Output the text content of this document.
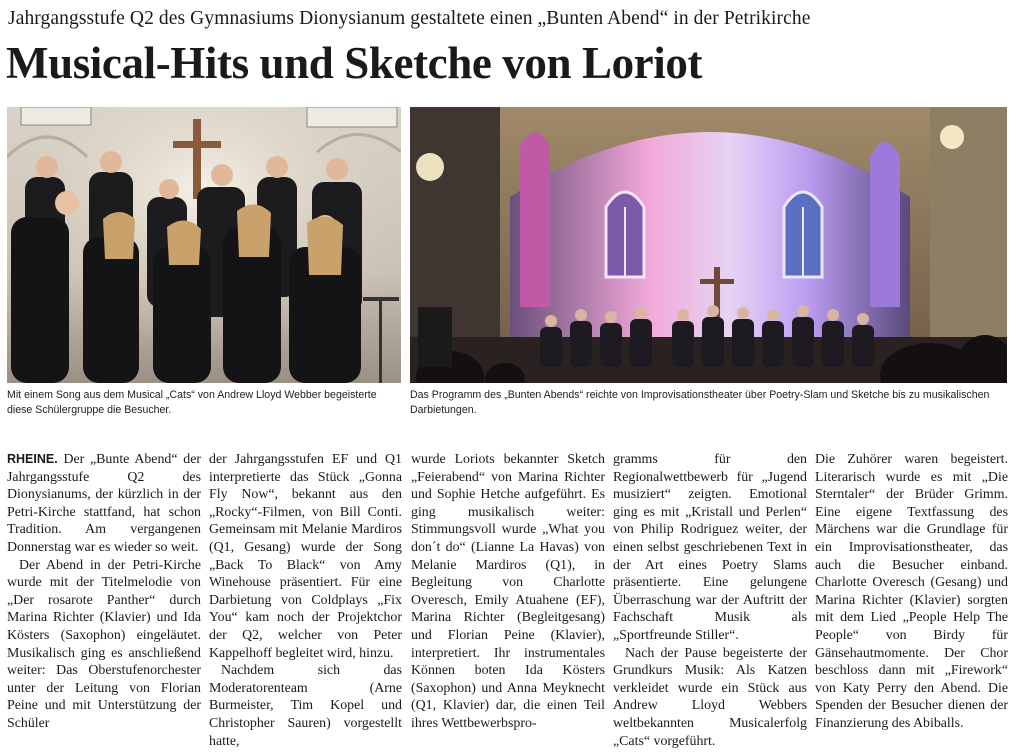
Jahrgangsstufe Q2 des Gymnasiums Dionysianum gestaltete einen „Bunten Abend“ in der Petrikirche
Musical-Hits und Sketche von Loriot
Mit einem Song aus dem Musical „Cats“ von Andrew Lloyd Webber begeisterte diese Schülergruppe die Besucher.
Das Programm des „Bunten Abends“ reichte von Improvisationstheater über Poetry-Slam und Sketche bis zu musikalischen Darbietungen.

RHEINE. Der „Bunte Abend“ der Jahrgangsstufe Q2 des Dionysianums, der kürzlich in der Petri-Kirche stattfand, hat schon Tradition. Am vergangenen Donnerstag war es wieder so weit.

Der Abend in der Petri-Kirche wurde mit der Titelmelodie von „Der rosarote Panther“ durch Marina Richter (Klavier) und Ida Kösters (Saxophon) eingeläutet. Musikalisch ging es anschließend weiter: Das Oberstufenorchester unter der Leitung von Florian Peine und mit Unterstützung der Schüler

der Jahrgangsstufen EF und Q1 interpretierte das Stück „Gonna Fly Now“, bekannt aus den „Rocky“-Filmen, von Bill Conti. Gemeinsam mit Melanie Mardiros (Q1, Gesang) wurde der Song „Back To Black“ von Amy Winehouse präsentiert. Für eine Darbietung von Coldplays „Fix You“ kam noch der Projektchor der Q2, welcher von Peter Kappelhoff begleitet wird, hinzu.

Nachdem sich das Moderatorenteam (Arne Burmeister, Tim Kopel und Christopher Sauren) vorgestellt hatte,

wurde Loriots bekannter Sketch „Feierabend“ von Marina Richter und Sophie Hetche aufgeführt. Es ging musikalisch weiter: Stimmungsvoll wurde „What you don´t do“ (Lianne La Havas) von Melanie Mardiros (Q1), in Begleitung von Charlotte Overesch, Emily Atuahene (EF), Marina Richter (Begleitgesang) und Florian Peine (Klavier), interpretiert. Ihr instrumentales Können boten Ida Kösters (Saxophon) und Anna Meyknecht (Q1, Klavier) dar, die einen Teil ihres Wettbewerbspro-

gramms für den Regionalwettbewerb für „Jugend musiziert“ zeigten. Emotional ging es mit „Kristall und Perlen“ von Philip Rodriguez weiter, der einen selbst geschriebenen Text in der Art eines Poetry Slams präsentierte. Eine gelungene Überraschung war der Auftritt der Fachschaft Musik als „Sportfreunde Stiller“.

Nach der Pause begeisterte der Grundkurs Musik: Als Katzen verkleidet wurde ein Stück aus Andrew Lloyd Webbers weltbekannten Musicalerfolg „Cats“ vorgeführt.

Die Zuhörer waren begeistert. Literarisch wurde es mit „Die Sterntaler“ der Brüder Grimm. Eine eigene Textfassung des Märchens war die Grundlage für ein Improvisationstheater, das auch die Besucher einband. Charlotte Overesch (Gesang) und Marina Richter (Klavier) sorgten mit dem Lied „People Help The People“ von Birdy für Gänsehautmomente. Der Chor beschloss dann mit „Firework“ von Katy Perry den Abend. Die Spenden der Besucher dienen der Finanzierung des Abiballs.
